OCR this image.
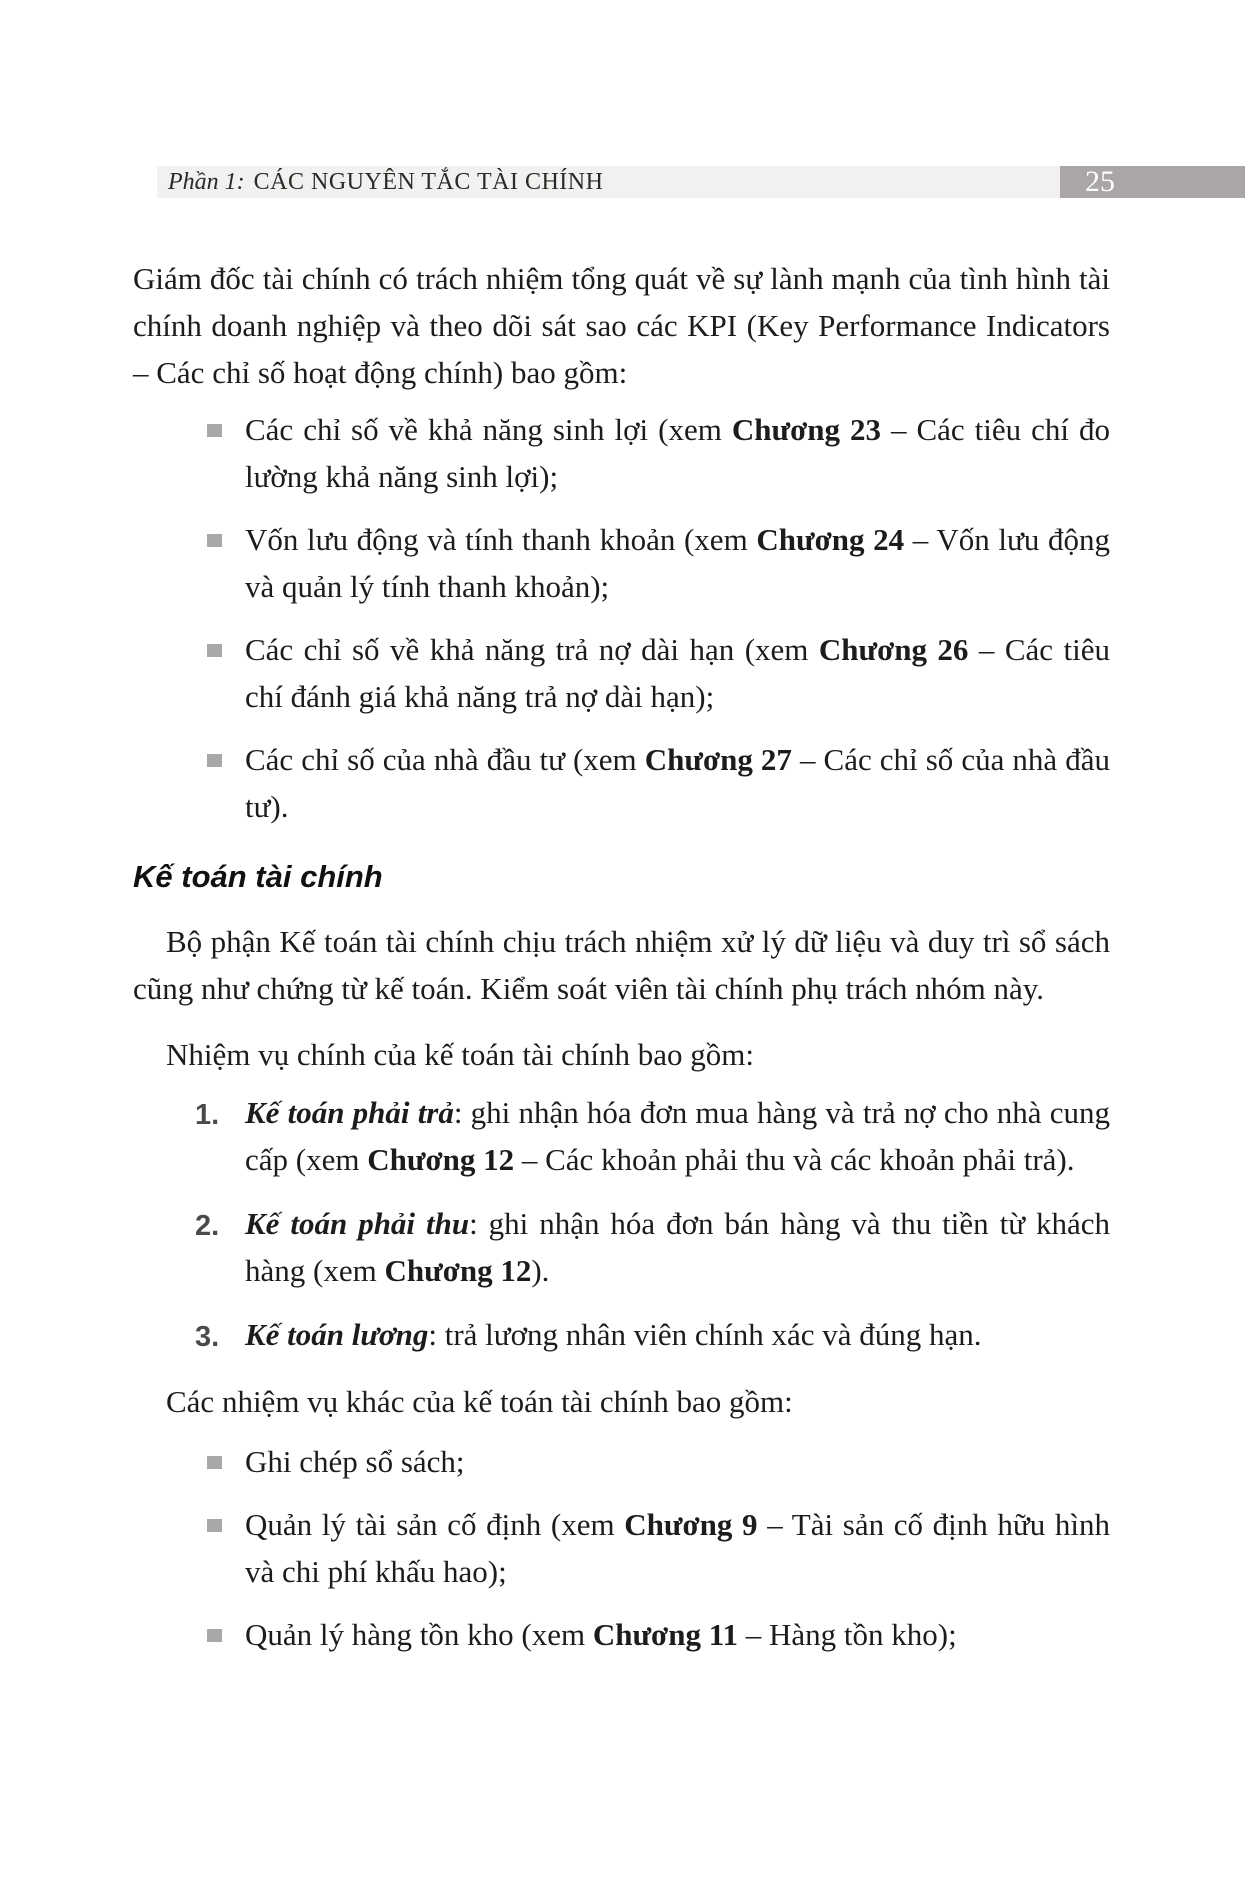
Phần 1: CÁC NGUYÊN TẮC TÀI CHÍNH	25

Giám đốc tài chính có trách nhiệm tổng quát về sự lành mạnh của tình hình tài chính doanh nghiệp và theo dõi sát sao các KPI (Key Performance Indicators – Các chỉ số hoạt động chính) bao gồm:

Các chỉ số về khả năng sinh lợi (xem Chương 23 – Các tiêu chí đo lường khả năng sinh lợi);
Vốn lưu động và tính thanh khoản (xem Chương 24 – Vốn lưu động và quản lý tính thanh khoản);
Các chỉ số về khả năng trả nợ dài hạn (xem Chương 26 – Các tiêu chí đánh giá khả năng trả nợ dài hạn);
Các chỉ số của nhà đầu tư (xem Chương 27 – Các chỉ số của nhà đầu tư).
Kế toán tài chính

Bộ phận Kế toán tài chính chịu trách nhiệm xử lý dữ liệu và duy trì sổ sách cũng như chứng từ kế toán. Kiểm soát viên tài chính phụ trách nhóm này.

Nhiệm vụ chính của kế toán tài chính bao gồm:

1. Kế toán phải trả: ghi nhận hóa đơn mua hàng và trả nợ cho nhà cung cấp (xem Chương 12 – Các khoản phải thu và các khoản phải trả).
2. Kế toán phải thu: ghi nhận hóa đơn bán hàng và thu tiền từ khách hàng (xem Chương 12).
3. Kế toán lương: trả lương nhân viên chính xác và đúng hạn.

Các nhiệm vụ khác của kế toán tài chính bao gồm:

Ghi chép sổ sách;
Quản lý tài sản cố định (xem Chương 9 – Tài sản cố định hữu hình và chi phí khấu hao);
Quản lý hàng tồn kho (xem Chương 11 – Hàng tồn kho);
